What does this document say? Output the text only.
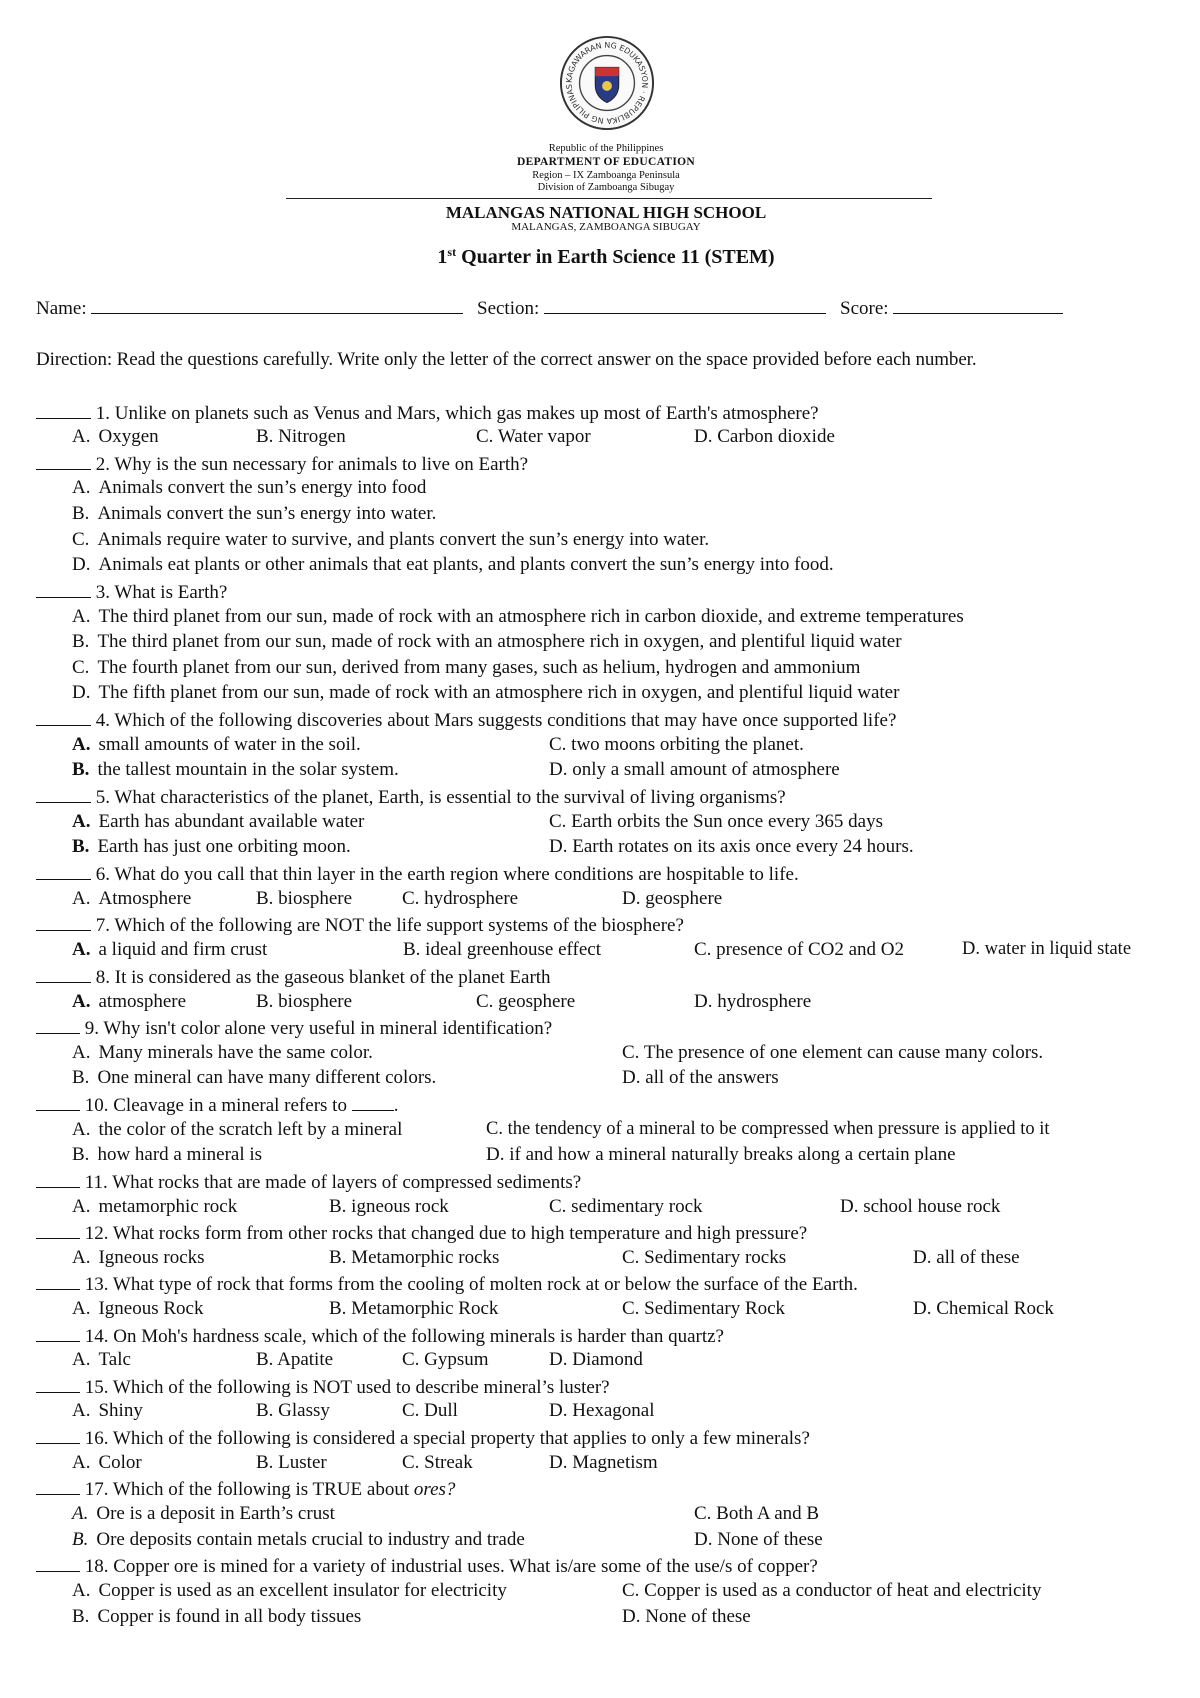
KAGAWARAN NG EDUKASYON · REPUBLIKA NG PILIPINAS
Republic of the Philippines
DEPARTMENT OF EDUCATION
Region – IX Zamboanga Peninsula
Division of Zamboanga Sibugay
MALANGAS NATIONAL HIGH SCHOOL
MALANGAS, ZAMBOANGA SIBUGAY
1st Quarter in Earth Science 11 (STEM)
Name:	Section:	Score:
Direction: Read the questions carefully. Write only the letter of the correct answer on the space provided before each number.
1. Unlike on planets such as Venus and Mars, which gas makes up most of Earth's atmosphere?
A. Oxygen	B. Nitrogen	C. Water vapor	D. Carbon dioxide
2. Why is the sun necessary for animals to live on Earth?
A. Animals convert the sun’s energy into food
B. Animals convert the sun’s energy into water.
C. Animals require water to survive, and plants convert the sun’s energy into water.
D. Animals eat plants or other animals that eat plants, and plants convert the sun’s energy into food.
3. What is Earth?
A. The third planet from our sun, made of rock with an atmosphere rich in carbon dioxide, and extreme temperatures
B. The third planet from our sun, made of rock with an atmosphere rich in oxygen, and plentiful liquid water
C. The fourth planet from our sun, derived from many gases, such as helium, hydrogen and ammonium
D. The fifth planet from our sun, made of rock with an atmosphere rich in oxygen, and plentiful liquid water
4. Which of the following discoveries about Mars suggests conditions that may have once supported life?
A. small amounts of water in the soil.	C. two moons orbiting the planet.
B. the tallest mountain in the solar system.	D. only a small amount of atmosphere
5. What characteristics of the planet, Earth, is essential to the survival of living organisms?
A. Earth has abundant available water	C. Earth orbits the Sun once every 365 days
B. Earth has just one orbiting moon.	D. Earth rotates on its axis once every 24 hours.
6. What do you call that thin layer in the earth region where conditions are hospitable to life.
A. Atmosphere	B. biosphere	C. hydrosphere	D. geosphere
7. Which of the following are NOT the life support systems of the biosphere?
A. a liquid and firm crust	B. ideal greenhouse effect	C. presence of CO2 and O2	D. water in liquid state
8. It is considered as the gaseous blanket of the planet Earth
A. atmosphere	B. biosphere	C. geosphere	D. hydrosphere
9. Why isn't color alone very useful in mineral identification?
A. Many minerals have the same color.	C. The presence of one element can cause many colors.
B. One mineral can have many different colors.	D. all of the answers
10. Cleavage in a mineral refers to .
A. the color of the scratch left by a mineral	C. the tendency of a mineral to be compressed when pressure is applied to it
B. how hard a mineral is	D. if and how a mineral naturally breaks along a certain plane
11. What rocks that are made of layers of compressed sediments?
A. metamorphic rock	B. igneous rock	C. sedimentary rock	D. school house rock
12. What rocks form from other rocks that changed due to high temperature and high pressure?
A. Igneous rocks	B. Metamorphic rocks	C. Sedimentary rocks	D. all of these
13. What type of rock that forms from the cooling of molten rock at or below the surface of the Earth.
A. Igneous Rock	B. Metamorphic Rock	C. Sedimentary Rock	D. Chemical Rock
14. On Moh's hardness scale, which of the following minerals is harder than quartz?
A. Talc	B. Apatite	C. Gypsum	D. Diamond
15. Which of the following is NOT used to describe mineral’s luster?
A. Shiny	B. Glassy	C. Dull	D. Hexagonal
16. Which of the following is considered a special property that applies to only a few minerals?
A. Color	B. Luster	C. Streak	D. Magnetism
17. Which of the following is TRUE about ores?
A. Ore is a deposit in Earth’s crust	C. Both A and B
B. Ore deposits contain metals crucial to industry and trade	D. None of these
18. Copper ore is mined for a variety of industrial uses. What is/are some of the use/s of copper?
A. Copper is used as an excellent insulator for electricity	C. Copper is used as a conductor of heat and electricity
B. Copper is found in all body tissues	D. None of these
